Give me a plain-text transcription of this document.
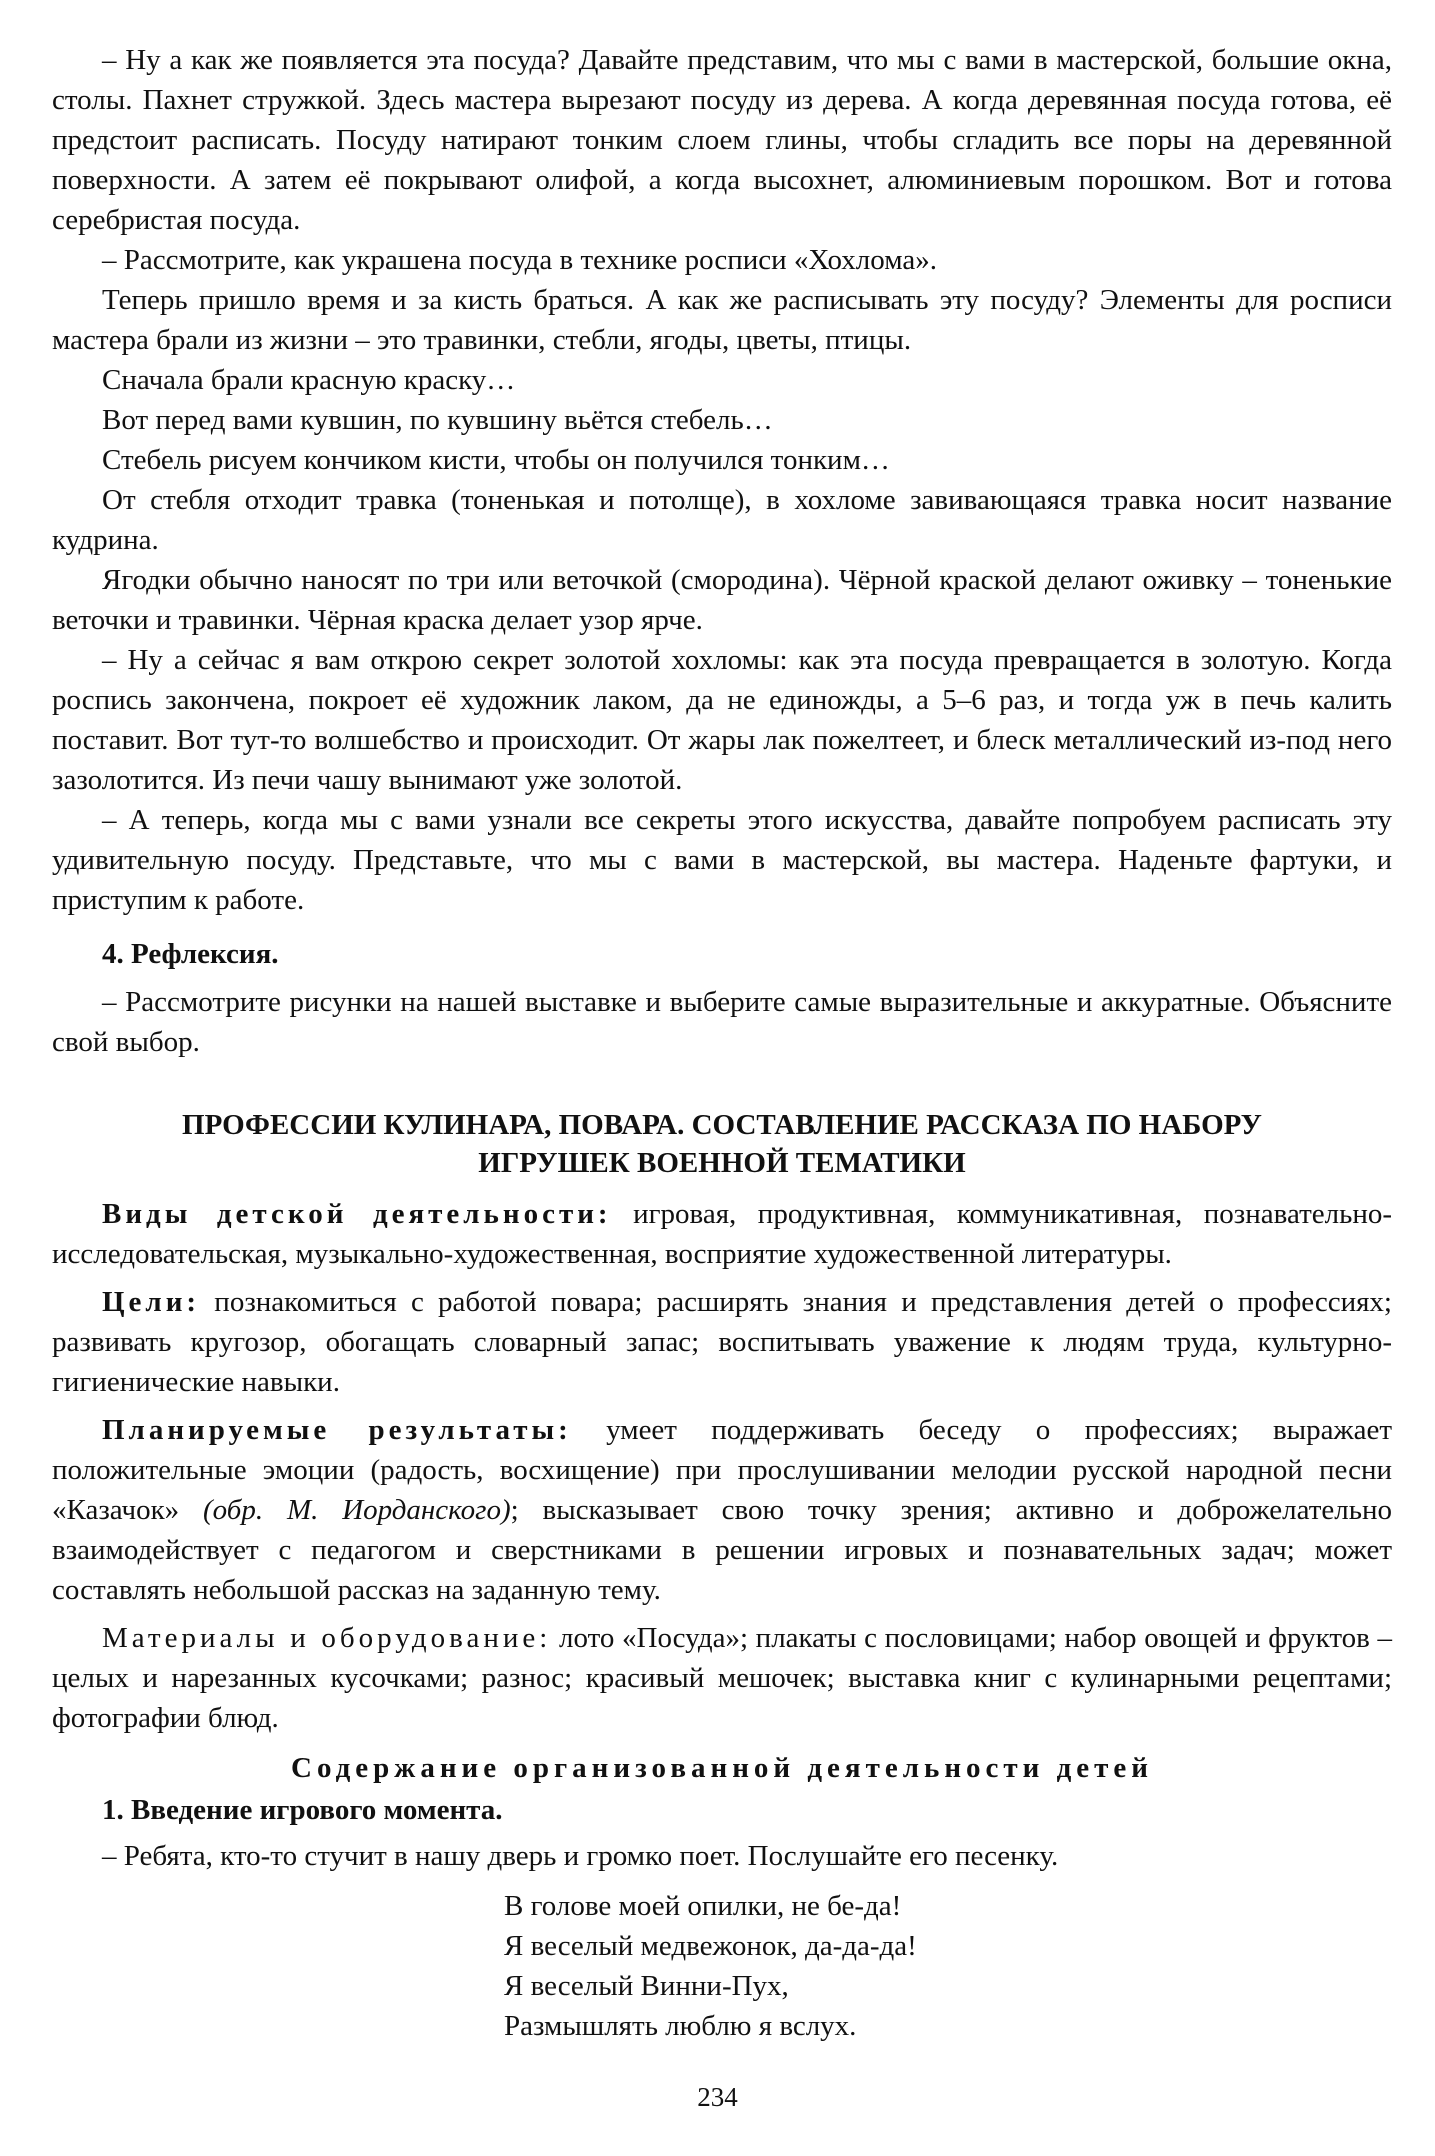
– Ну а как же появляется эта посуда? Давайте представим, что мы с вами в мастерской, большие окна, столы. Пахнет стружкой. Здесь мастера вырезают посуду из дерева. А когда деревянная посуда готова, её предстоит расписать. Посуду натирают тонким слоем глины, чтобы сгладить все поры на деревянной поверхности. А затем её покрывают олифой, а когда высохнет, алюминиевым порошком. Вот и готова серебристая посуда.

– Рассмотрите, как украшена посуда в технике росписи «Хохлома».

Теперь пришло время и за кисть браться. А как же расписывать эту посуду? Элементы для росписи мастера брали из жизни – это травинки, стебли, ягоды, цветы, птицы.

Сначала брали красную краску…

Вот перед вами кувшин, по кувшину вьётся стебель…

Стебель рисуем кончиком кисти, чтобы он получился тонким…

От стебля отходит травка (тоненькая и потолще), в хохломе завивающаяся травка носит название кудрина.

Ягодки обычно наносят по три или веточкой (смородина). Чёрной краской делают оживку – тоненькие веточки и травинки. Чёрная краска делает узор ярче.

– Ну а сейчас я вам открою секрет золотой хохломы: как эта посуда превращается в золотую. Когда роспись закончена, покроет её художник лаком, да не единожды, а 5–6 раз, и тогда уж в печь калить поставит. Вот тут-то волшебство и происходит. От жары лак пожелтеет, и блеск металлический из-под него зазолотится. Из печи чашу вынимают уже золотой.

– А теперь, когда мы с вами узнали все секреты этого искусства, давайте попробуем расписать эту удивительную посуду. Представьте, что мы с вами в мастерской, вы мастера. Наденьте фартуки, и приступим к работе.

4. Рефлексия.

– Рассмотрите рисунки на нашей выставке и выберите самые выразительные и аккуратные. Объясните свой выбор.

ПРОФЕССИИ КУЛИНАРА, ПОВАРА. СОСТАВЛЕНИЕ РАССКАЗА ПО НАБОРУ
ИГРУШЕК ВОЕННОЙ ТЕМАТИКИ

Виды детской деятельности: игровая, продуктивная, коммуникативная, познавательно-исследовательская, музыкально-художественная, восприятие художественной литературы.

Цели: познакомиться с работой повара; расширять знания и представления детей о профессиях; развивать кругозор, обогащать словарный запас; воспитывать уважение к людям труда, культурно-гигиенические навыки.

Планируемые результаты: умеет поддерживать беседу о профессиях; выражает положительные эмоции (радость, восхищение) при прослушивании мелодии русской народной песни «Казачок» (обр. М. Иорданского); высказывает свою точку зрения; активно и доброжелательно взаимодействует с педагогом и сверстниками в решении игровых и познавательных задач; может составлять небольшой рассказ на заданную тему.

Материалы и оборудование: лото «Посуда»; плакаты с пословицами; набор овощей и фруктов – целых и нарезанных кусочками; разнос; красивый мешочек; выставка книг с кулинарными рецептами; фотографии блюд.

Содержание организованной деятельности детей

1. Введение игрового момента.

– Ребята, кто-то стучит в нашу дверь и громко поет. Послушайте его песенку.

В голове моей опилки, не бе-да!
Я веселый медвежонок, да-да-да!
Я веселый Винни-Пух,
Размышлять люблю я вслух.
234
